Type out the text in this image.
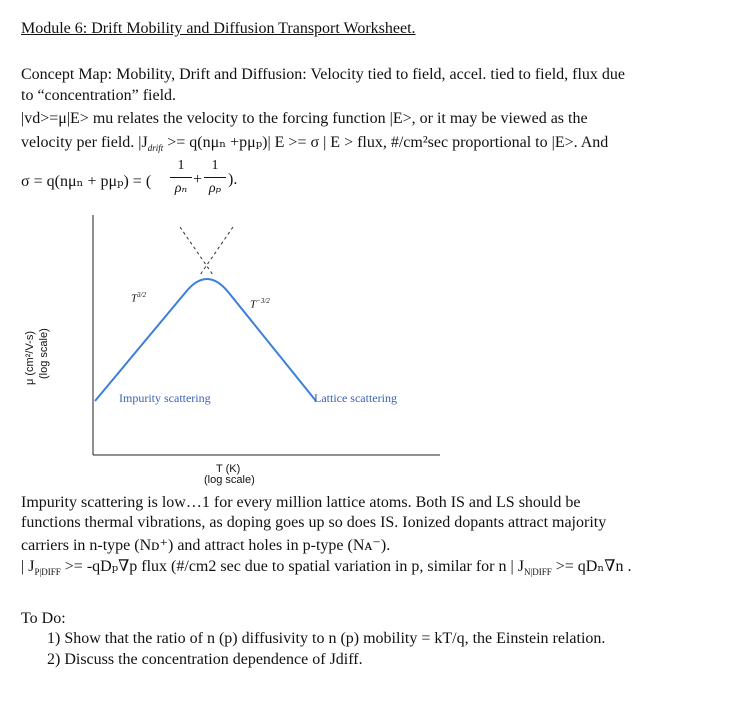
Module 6: Drift Mobility and Diffusion Transport Worksheet.
Concept Map: Mobility, Drift and Diffusion: Velocity tied to field, accel. tied to field, flux due
to “concentration” field.
|vd>=μ|E> mu relates the velocity to the forcing function |E>, or it may be viewed as the
velocity per field. $|J_{drift} >= q(n\mu_n +p\mu_p)|$ E >= σ | E > flux, #/cm²sec proportional to |E>. And
σ = q(nμₙ + pμₚ) = (
1
ρₙ
+
1
ρₚ
).
$T^{3/2}$
$T^{-3/2}$
Impurity scattering	Lattice scattering
T (K)
(log scale)
μ (cm²/V-s) (log scale)
Impurity scattering is low…1 for every million lattice atoms. Both IS and LS should be
functions thermal vibrations, as doping goes up so does IS. Ionized dopants attract majority
carriers in n-type (Nᴅ⁺) and attract holes in p-type (Nᴀ⁻).
| $J_{P|DIFF} >= -qD_p\nabla p$ flux (#/cm2 sec due to spatial variation in p, similar for n | $J_{N|DIFF} >= qD_n\nabla n$ .
To Do:
1) Show that the ratio of n (p) diffusivity to n (p) mobility = kT/q, the Einstein relation.
2) Discuss the concentration dependence of Jdiff.
